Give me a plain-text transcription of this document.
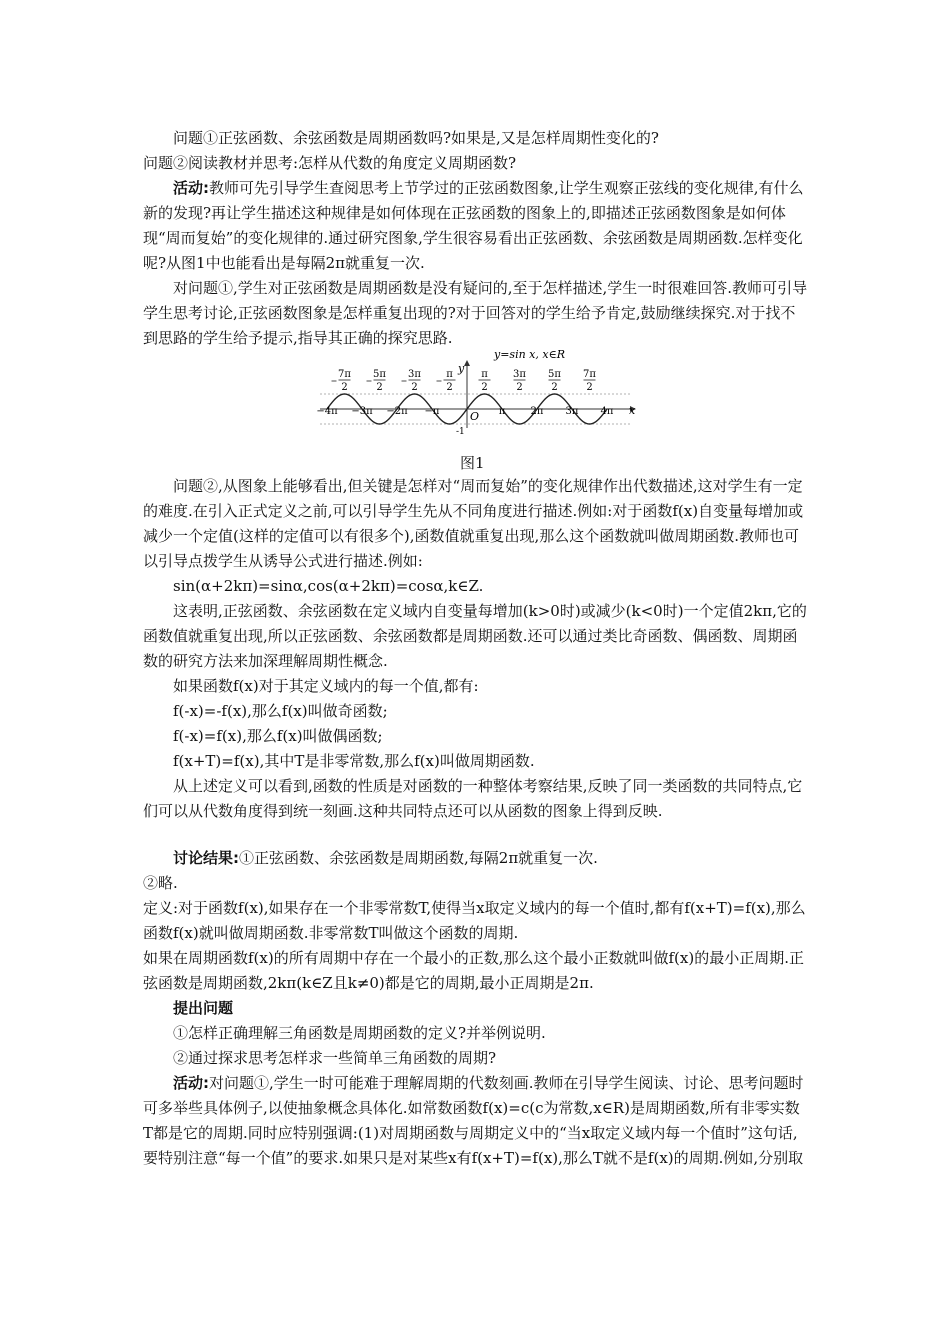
问题①正弦函数、余弦函数是周期函数吗?如果是,又是怎样周期性变化的?

问题②阅读教材并思考:怎样从代数的角度定义周期函数?

活动:教师可先引导学生查阅思考上节学过的正弦函数图象,让学生观察正弦线的变化规律,有什么新的发现?再让学生描述这种规律是如何体现在正弦函数的图象上的,即描述正弦函数图象是如何体现“周而复始”的变化规律的.通过研究图象,学生很容易看出正弦函数、余弦函数是周期函数.怎样变化呢?从图1中也能看出是每隔2π就重复一次.

对问题①,学生对正弦函数是周期函数是没有疑问的,至于怎样描述,学生一时很难回答.教师可引导学生思考讨论,正弦函数图象是怎样重复出现的?对于回答对的学生给予肯定,鼓励继续探究.对于找不到思路的学生给予提示,指导其正确的探究思路.

y=sin x, x∈R
x
y
7π
2
5π
2
3π
2
π
2
π
2
3π
2
5π
2
7π
2
−4π −3π −2π −π	π	2π 3π 4π
O
-1
图1

问题②,从图象上能够看出,但关键是怎样对“周而复始”的变化规律作出代数描述,这对学生有一定的难度.在引入正式定义之前,可以引导学生先从不同角度进行描述.例如:对于函数f(x)自变量每增加或减少一个定值(这样的定值可以有很多个),函数值就重复出现,那么这个函数就叫做周期函数.教师也可以引导点拨学生从诱导公式进行描述.例如:

sin(α+2kπ)=sinα,cos(α+2kπ)=cosα,k∈Z.

这表明,正弦函数、余弦函数在定义域内自变量每增加(k>0时)或减少(k<0时)一个定值2kπ,它的函数值就重复出现,所以正弦函数、余弦函数都是周期函数.还可以通过类比奇函数、偶函数、周期函数的研究方法来加深理解周期性概念.

如果函数f(x)对于其定义域内的每一个值,都有:

f(-x)=-f(x),那么f(x)叫做奇函数;

f(-x)=f(x),那么f(x)叫做偶函数;

f(x+T)=f(x),其中T是非零常数,那么f(x)叫做周期函数.

从上述定义可以看到,函数的性质是对函数的一种整体考察结果,反映了同一类函数的共同特点,它们可以从代数角度得到统一刻画.这种共同特点还可以从函数的图象上得到反映.

讨论结果:①正弦函数、余弦函数是周期函数,每隔2π就重复一次.

②略.

定义:对于函数f(x),如果存在一个非零常数T,使得当x取定义域内的每一个值时,都有f(x+T)=f(x),那么函数f(x)就叫做周期函数.非零常数T叫做这个函数的周期.

如果在周期函数f(x)的所有周期中存在一个最小的正数,那么这个最小正数就叫做f(x)的最小正周期.正弦函数是周期函数,2kπ(k∈Z且k≠0)都是它的周期,最小正周期是2π.

提出问题

①怎样正确理解三角函数是周期函数的定义?并举例说明.

②通过探求思考怎样求一些简单三角函数的周期?

活动:对问题①,学生一时可能难于理解周期的代数刻画.教师在引导学生阅读、讨论、思考问题时可多举些具体例子,以使抽象概念具体化.如常数函数f(x)=c(c为常数,x∈R)是周期函数,所有非零实数T都是它的周期.同时应特别强调:(1)对周期函数与周期定义中的“当x取定义域内每一个值时”这句话,要特别注意“每一个值”的要求.如果只是对某些x有f(x+T)=f(x),那么T就不是f(x)的周期.例如,分别取
